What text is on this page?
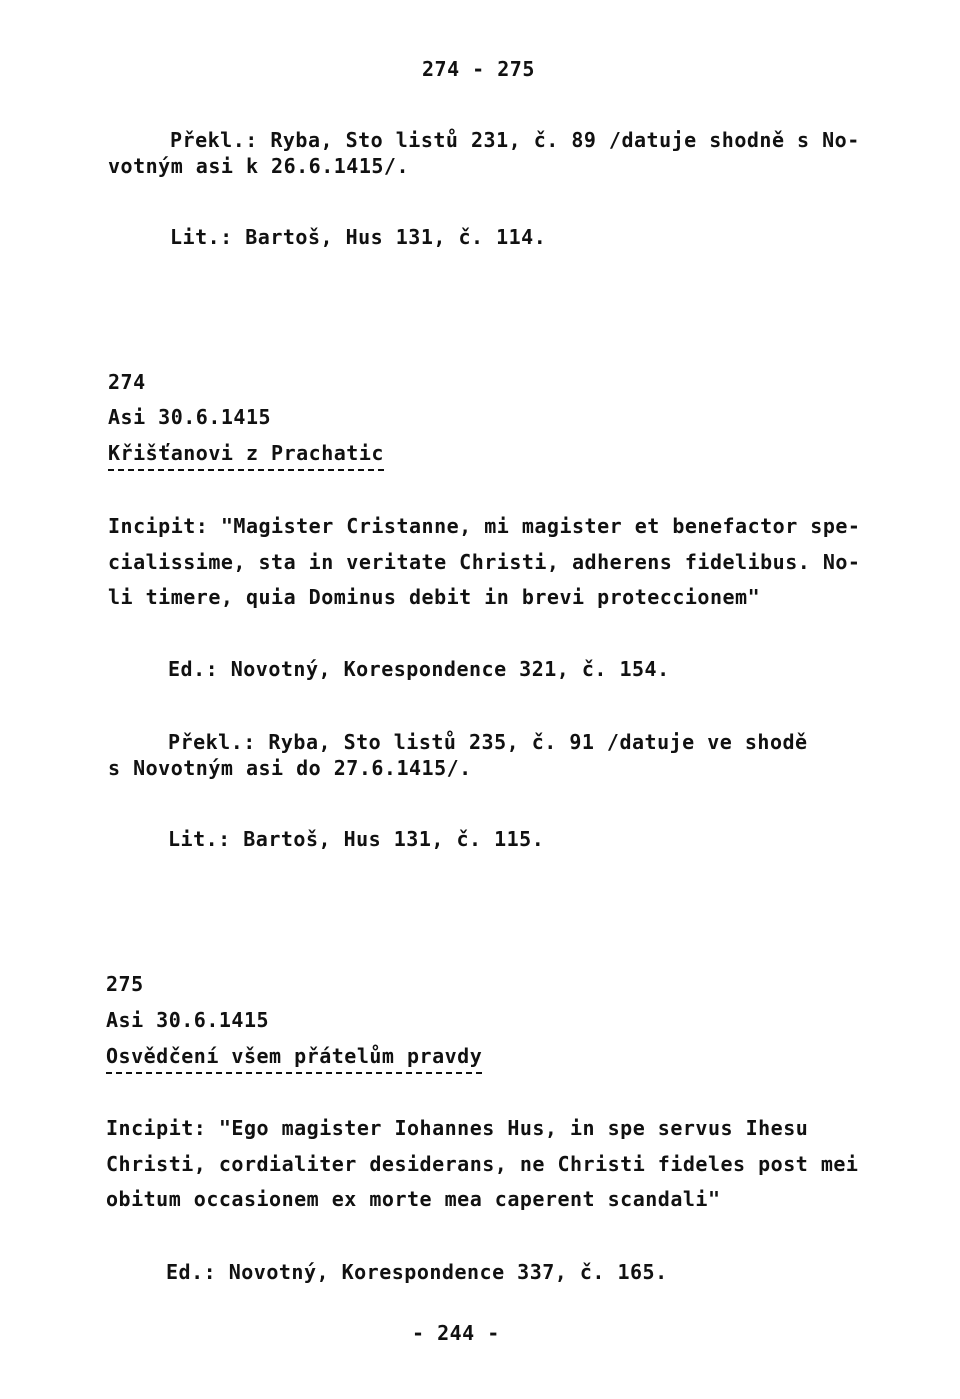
274 - 275
Překl.: Ryba, Sto listů 231, č. 89 /datuje shodně s No-
votným asi k 26.6.1415/.
Lit.: Bartoš, Hus 131, č. 114.
274
Asi 30.6.1415
Křišťanovi z Prachatic
Incipit: "Magister Cristanne, mi magister et benefactor spe-
cialissime, sta in veritate Christi, adherens fidelibus. No-
li timere, quia Dominus debit in brevi proteccionem"
Ed.: Novotný, Korespondence 321, č. 154.
Překl.: Ryba, Sto listů 235, č. 91 /datuje ve shodě
s Novotným asi do 27.6.1415/.
Lit.: Bartoš, Hus 131, č. 115.
275
Asi 30.6.1415
Osvědčení všem přátelům pravdy
Incipit: "Ego magister Iohannes Hus, in spe servus Ihesu
Christi, cordialiter desiderans, ne Christi fideles post mei
obitum occasionem ex morte mea caperent scandali"
Ed.: Novotný, Korespondence 337, č. 165.
- 244 -
